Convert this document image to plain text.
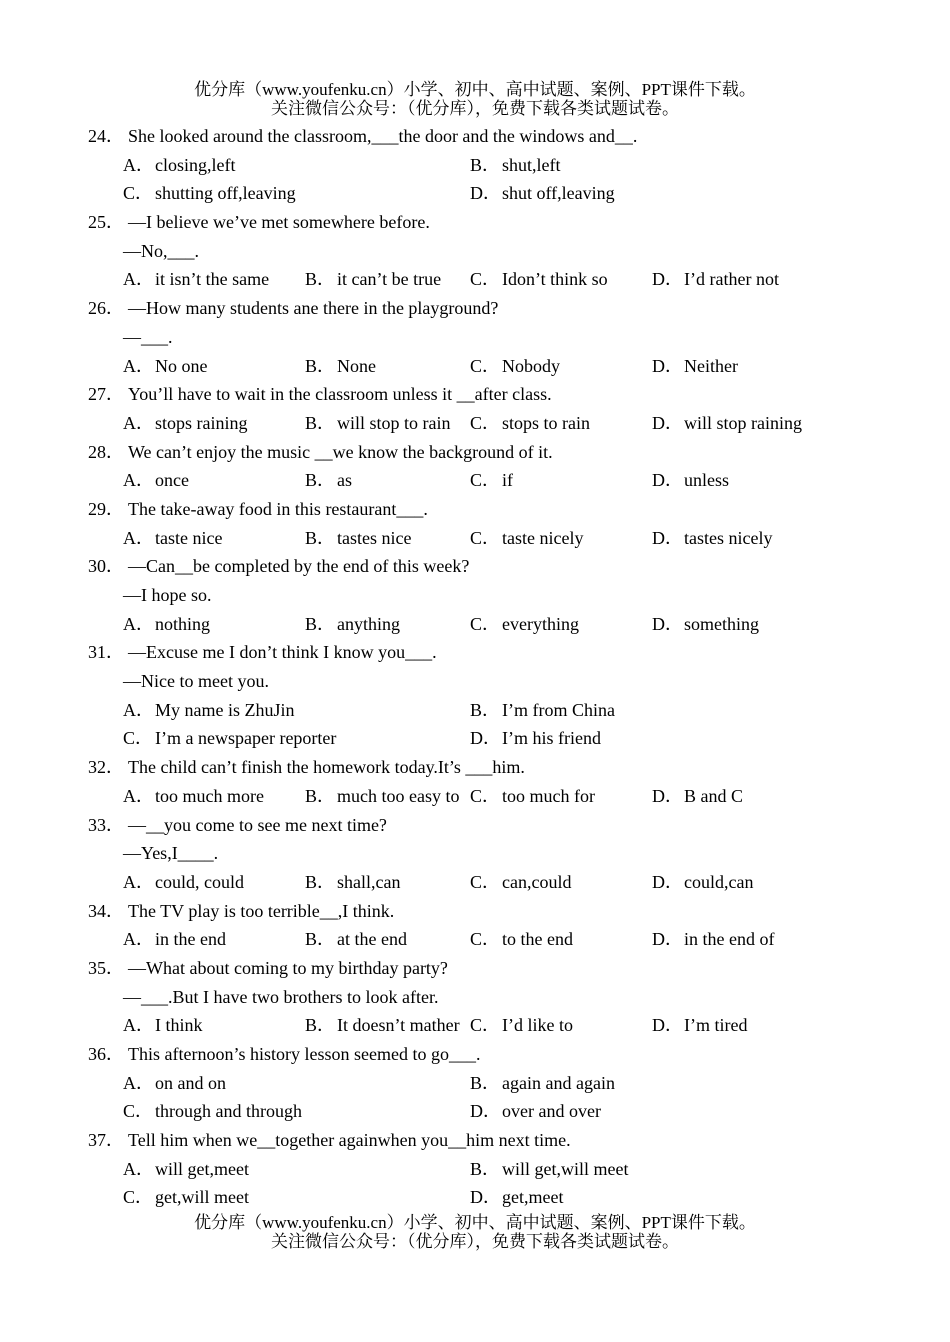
优分库（www.youfenku.cn）小学、初中、高中试题、案例、PPT课件下载。
关注微信公众号：（优分库），免费下载各类试题试卷。
24． She looked around the classroom,___the door and the windows and__.
A．closing,left	B． shut,left
C． shutting off,leaving	D．shut off,leaving
25． —I believe we’ve met somewhere before.
—No,___.
A．it isn’t the same B． it can’t be true C． Idon’t think so D．I’d rather not
26． —How many students ane there in the playground?
—___.
A．No one	B． None	C． Nobody	D．Neither
27． You’ll have to wait in the classroom unless it __after class.
A．stops raining	B． will stop to rain C． stops to rain	D．will stop raining
28． We can’t enjoy the music __we know the background of it.
A．once	B． as	C． if	D．unless
29． The take-away food in this restaurant___.
A．taste nice	B． tastes nice	C． taste nicely	D．tastes nicely
30． —Can__be completed by the end of this week?
—I hope so.
A．nothing	B． anything	C． everything	D．something
31． —Excuse me I don’t think I know you___.
—Nice to meet you.
A．My name is ZhuJin	B． I’m from China
C． I’m a newspaper reporter	D．I’m his friend
32． The child can’t finish the homework today.It’s ___him.
A．too much more B． much too easy to C． too much for	D．B and C
33． —__you come to see me next time?
—Yes,I____.
A．could, could	B． shall,can	C． can,could	D．could,can
34． The TV play is too terrible__,I think.
A．in the end	B． at the end	C． to the end	D．in the end of
35． —What about coming to my birthday party?
—___.But I have two brothers to look after.
A．I think	B． It doesn’t mather C． I’d like to	D．I’m tired
36． This afternoon’s history lesson seemed to go___.
A．on and on	B． again and again
C． through and through	D．over and over
37． Tell him when we__together againwhen you__him next time.
A．will get,meet	B． will get,will meet
C． get,will meet	D．get,meet
优分库（www.youfenku.cn）小学、初中、高中试题、案例、PPT课件下载。
关注微信公众号：（优分库），免费下载各类试题试卷。
